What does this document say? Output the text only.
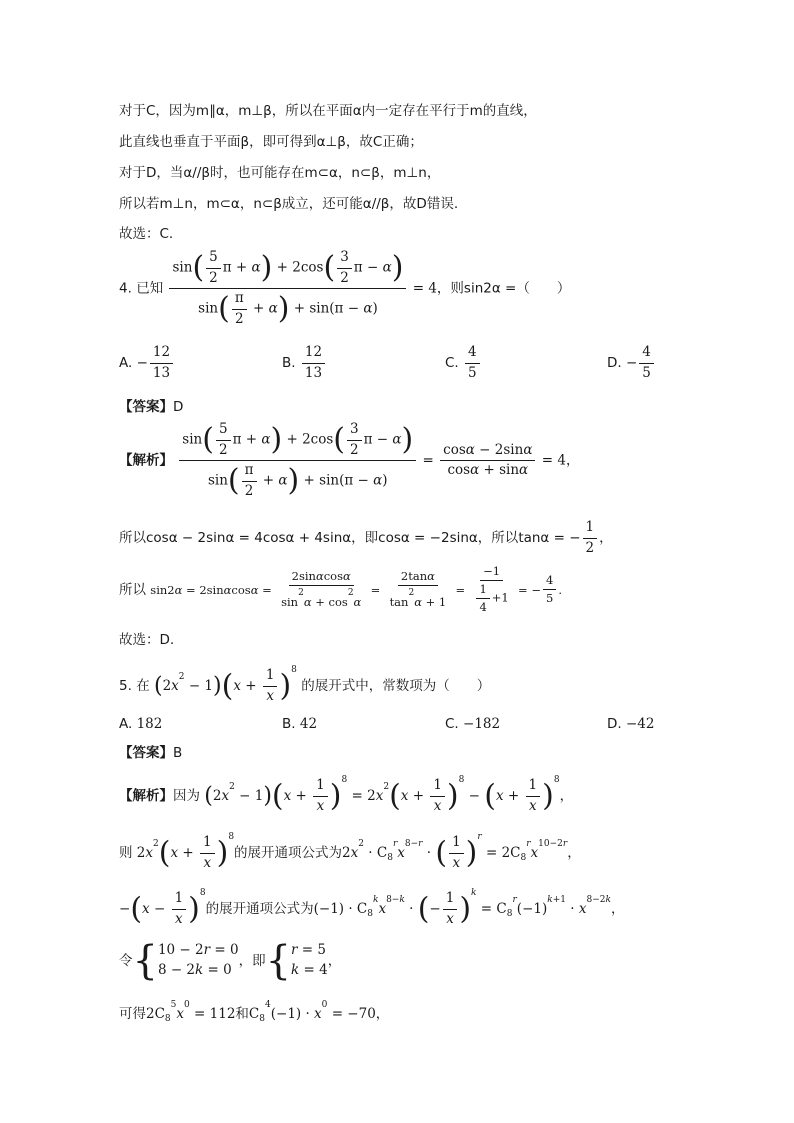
对于C，因为m∥α，m⊥β，所以在平面α内一定存在平行于m的直线，
此直线也垂直于平面β，即可得到α⊥β，故C正确；
对于D，当α//β时，也可能存在m⊂α，n⊂β，m⊥n，
所以若m⊥n，m⊂α，n⊂β成立，还可能α//β，故D错误.
故选：C.
4. 已知 $\frac{\sin( \frac{5}{2} \pi + \alpha) + 2\cos( \frac{3}{2} \pi - \alpha)}{\sin( \frac{\pi}{2} + \alpha) + \sin(\pi - \alpha)} = 4$，则sin2α =（　　）
A. − $\frac{12}{13}$	B. $\frac{12}{13}$	C. $\frac{4}{5}$	D. − $\frac{4}{5}$
【答案】D
【解析】 $\frac{\sin( \frac{5}{2} \pi + \alpha) + 2\cos( \frac{3}{2} \pi - \alpha)}{\sin( \frac{\pi}{2} + \alpha) + \sin(\pi - \alpha)} = \frac{\cos\alpha - 2\sin\alpha}{\cos\alpha + \sin\alpha} = 4$，
所以cosα − 2sinα = 4cosα + 4sinα，即cosα = −2sinα，所以tanα = − $\frac{1}{2}$ ，
所以 $\sin 2\alpha = 2\sin\alpha\cos\alpha = \frac{2\sin\alpha\cos\alpha}{\sin^2\alpha + \cos^2\alpha} = \frac{2\tan\alpha}{\tan^2\alpha + 1} = \frac{-1}{\frac{1}{4} +1}$ = − $\frac{4}{5}$ .
故选：D.
5. 在 $(2x^2 - 1)(x + \frac{1}{x} )^8$ 的展开式中，常数项为（　　）
A. 182	B. 42	C. −182	D. −42
【答案】B
【解析】因为 $(2x^2 - 1)(x + \frac{1}{x} )^8 = 2x^2(x + \frac{1}{x} )^8 - (x + \frac{1}{x} )^8$，
则 $2x^2(x + \frac{1}{x} )^8$的展开通项公式为$2x^2 \cdot C_8^rx^{8-r}$ · ( $\frac{1}{x} )^r = 2C_8^rx^{10-2r}$，
$-(x - \frac{1}{x} )^8$的展开通项公式为$(-1) \cdot C_8^kx^{8-k}$ · (− $\frac{1}{x} )^k = C_8^r(-1)^{k+1} \cdot x^{8-2k}$，
令{ 10 − 2r = 0
8 − 2k = 0
，即{ r = 5
k = 4
，
可得$2C_8^5x^0 = 112$和$C_8^4(-1) \cdot x^0 = -70$，
